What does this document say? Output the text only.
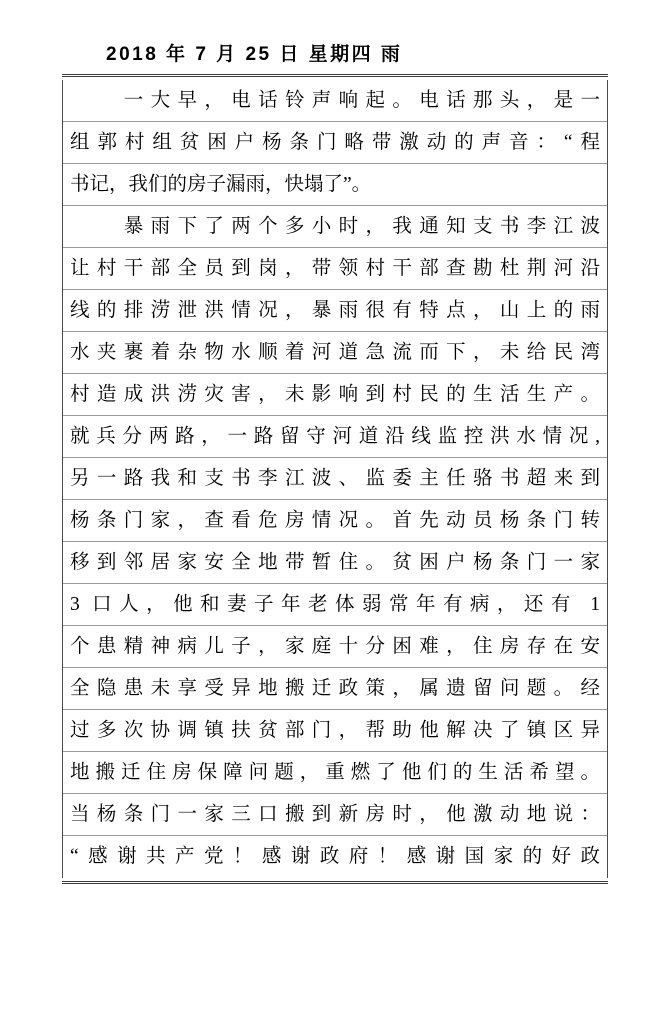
2018 年 7 月 25 日 星期四 雨
　　一大早，电话铃声响起。电话那头，是一
组郭村组贫困户杨条门略带激动的声音：“程
书记，我们的房子漏雨，快塌了”。
　　暴雨下了两个多小时，我通知支书李江波
让村干部全员到岗，带领村干部查勘杜荆河沿
线的排涝泄洪情况，暴雨很有特点，山上的雨
水夹裹着杂物水顺着河道急流而下，未给民湾
村造成洪涝灾害，未影响到村民的生活生产。
就兵分两路，一路留守河道沿线监控洪水情况,
另一路我和支书李江波、监委主任骆书超来到
杨条门家，查看危房情况。首先动员杨条门转
移到邻居家安全地带暂住。贫困户杨条门一家
3 口人，他和妻子年老体弱常年有病，还有 1
个患精神病儿子，家庭十分困难，住房存在安
全隐患未享受异地搬迁政策，属遗留问题。经
过多次协调镇扶贫部门，帮助他解决了镇区异
地搬迁住房保障问题，重燃了他们的生活希望。
当杨条门一家三口搬到新房时，他激动地说：
“感谢共产党！感谢政府！感谢国家的好政
